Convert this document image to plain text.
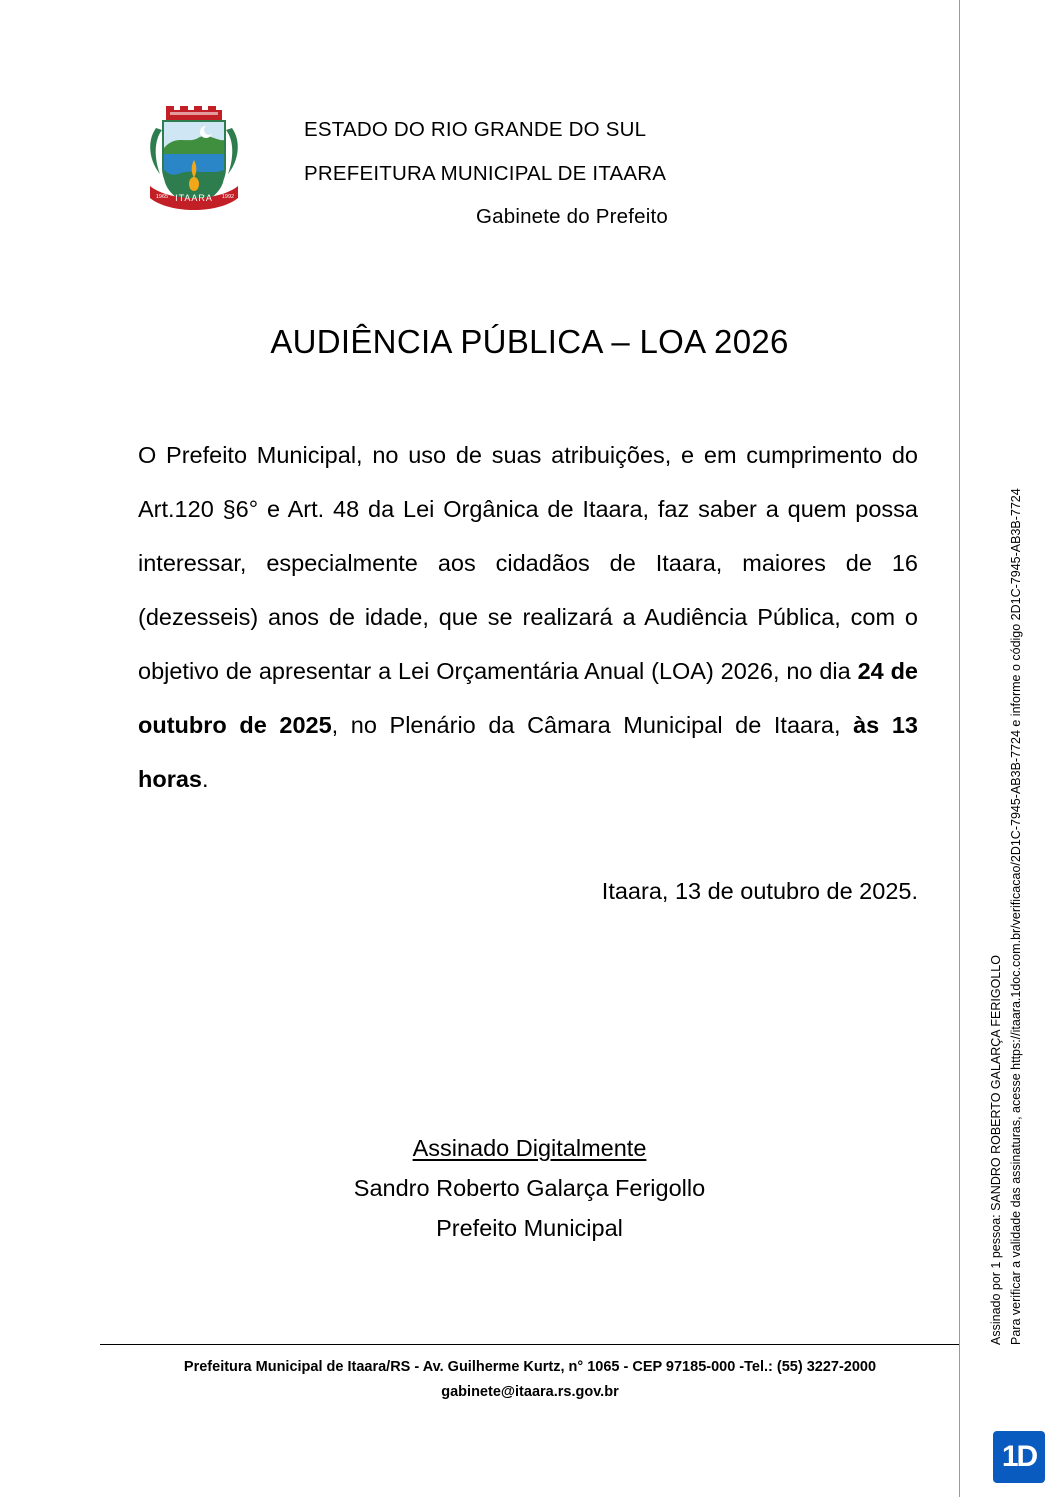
ITAARA
1965	1992
ESTADO DO RIO GRANDE DO SUL
PREFEITURA MUNICIPAL DE ITAARA
Gabinete do Prefeito
AUDIÊNCIA PÚBLICA – LOA 2026
O Prefeito Municipal, no uso de suas atribuições, e em cumprimento do Art.120 §6° e Art. 48 da Lei Orgânica de Itaara, faz saber a quem possa interessar, especialmente aos cidadãos de Itaara, maiores de 16 (dezesseis) anos de idade, que se realizará a Audiência Pública, com o objetivo de apresentar a Lei Orçamentária Anual (LOA) 2026, no dia 24 de outubro de 2025, no Plenário da Câmara Municipal de Itaara, às 13 horas.
Itaara, 13 de outubro de 2025.
Assinado Digitalmente
Sandro Roberto Galarça Ferigollo
Prefeito Municipal
Prefeitura Municipal de Itaara/RS - Av. Guilherme Kurtz, n° 1065 - CEP 97185-000 -Tel.: (55) 3227-2000
gabinete@itaara.rs.gov.br
Assinado por 1 pessoa: SANDRO ROBERTO GALARÇA FERIGOLLO Para verificar a validade das assinaturas, acesse https://itaara.1doc.com.br/verificacao/2D1C-7945-AB3B-7724 e informe o código 2D1C-7945-AB3B-7724
1D
